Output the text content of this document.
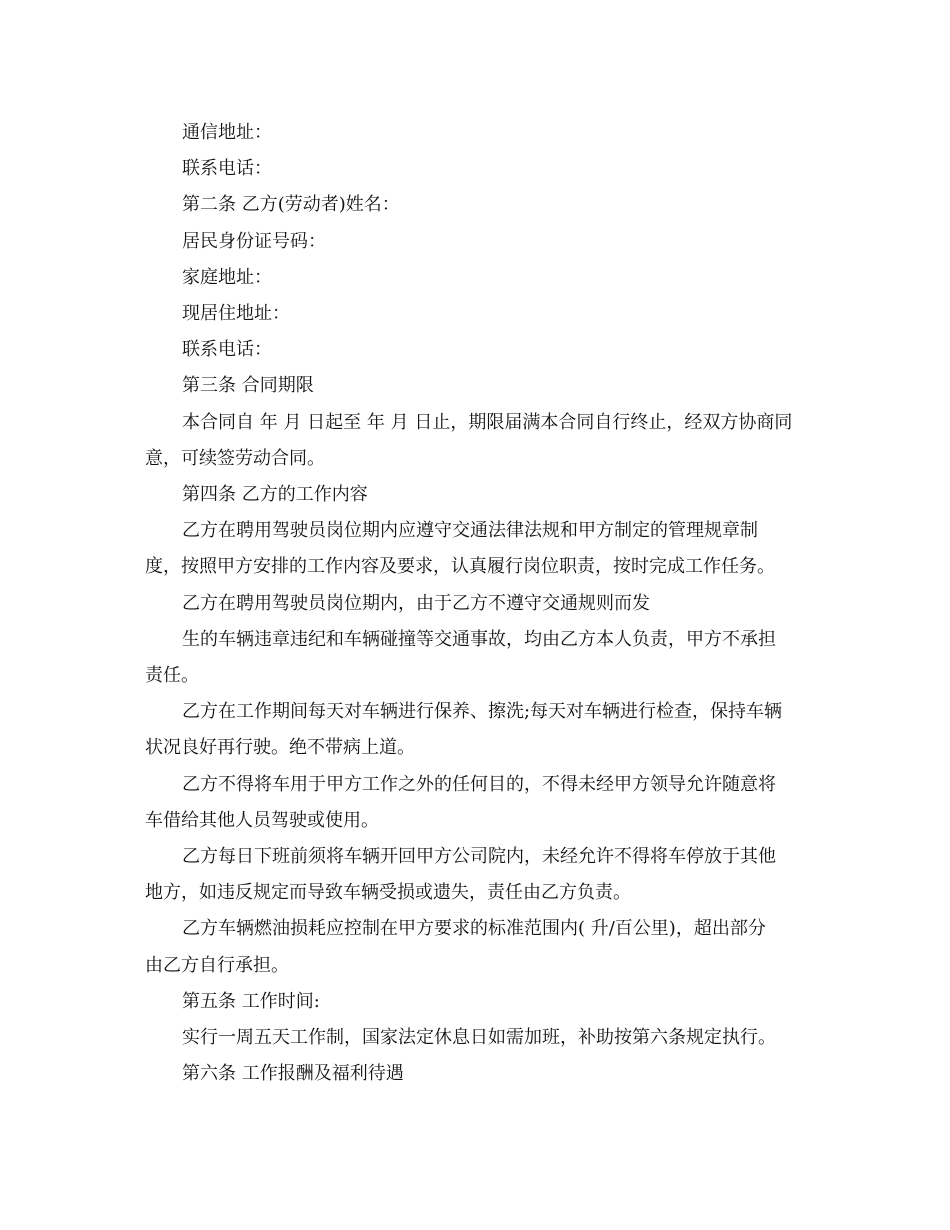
通信地址：

联系电话：

第二条 乙方(劳动者)姓名：

居民身份证号码：

家庭地址：

现居住地址：

联系电话：

第三条 合同期限

本合同自 年 月 日起至 年 月 日止，期限届满本合同自行终止，经双方协商同

意，可续签劳动合同。

第四条 乙方的工作内容

乙方在聘用驾驶员岗位期内应遵守交通法律法规和甲方制定的管理规章制

度，按照甲方安排的工作内容及要求，认真履行岗位职责，按时完成工作任务。

乙方在聘用驾驶员岗位期内，由于乙方不遵守交通规则而发

生的车辆违章违纪和车辆碰撞等交通事故，均由乙方本人负责，甲方不承担

责任。

乙方在工作期间每天对车辆进行保养、擦洗;每天对车辆进行检查，保持车辆

状况良好再行驶。绝不带病上道。

乙方不得将车用于甲方工作之外的任何目的，不得未经甲方领导允许随意将

车借给其他人员驾驶或使用。

乙方每日下班前须将车辆开回甲方公司院内，未经允许不得将车停放于其他

地方，如违反规定而导致车辆受损或遗失，责任由乙方负责。

乙方车辆燃油损耗应控制在甲方要求的标准范围内( 升/百公里)，超出部分

由乙方自行承担。

第五条 工作时间:

实行一周五天工作制，国家法定休息日如需加班，补助按第六条规定执行。

第六条 工作报酬及福利待遇
